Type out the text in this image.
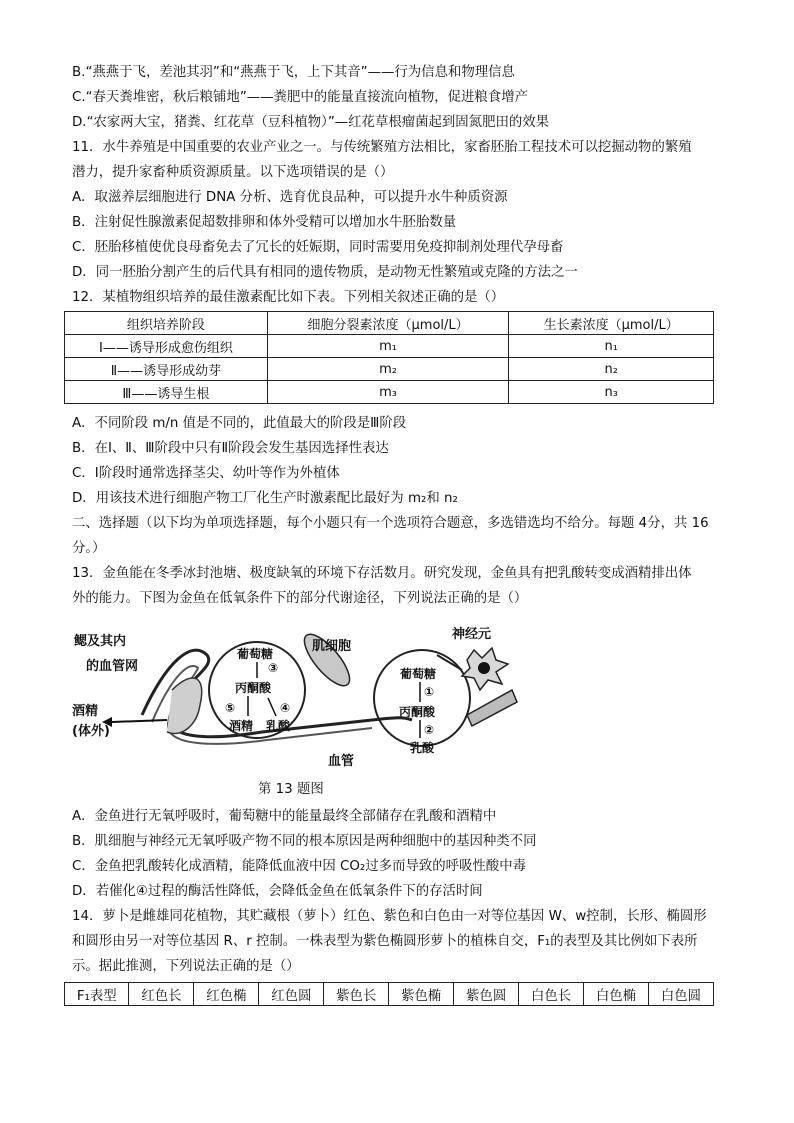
B.“燕燕于飞，差池其羽”和“燕燕于飞，上下其音”——行为信息和物理信息
C.“春天粪堆密，秋后粮铺地”——粪肥中的能量直接流向植物，促进粮食增产
D.“农家两大宝，猪粪、红花草（豆科植物）”—红花草根瘤菌起到固氮肥田的效果
11．水牛养殖是中国重要的农业产业之一。与传统繁殖方法相比，家畜胚胎工程技术可以挖掘动物的繁殖
潜力，提升家畜种质资源质量。以下选项错误的是（）
A．取滋养层细胞进行 DNA 分析、选育优良品种，可以提升水牛种质资源
B．注射促性腺激素促超数排卵和体外受精可以增加水牛胚胎数量
C．胚胎移植使优良母畜免去了冗长的妊娠期，同时需要用免疫抑制剂处理代孕母畜
D．同一胚胎分割产生的后代具有相同的遗传物质，是动物无性繁殖或克隆的方法之一
12．某植物组织培养的最佳激素配比如下表。下列相关叙述正确的是（）
组织培养阶段	细胞分裂素浓度（μmol/L）	生长素浓度（μmol/L）
Ⅰ——诱导形成愈伤组织	m₁	n₁
Ⅱ——诱导形成幼芽	m₂	n₂
Ⅲ——诱导生根	m₃	n₃
A．不同阶段 m/n 值是不同的，此值最大的阶段是Ⅲ阶段
B．在Ⅰ、Ⅱ、Ⅲ阶段中只有Ⅱ阶段会发生基因选择性表达
C．Ⅰ阶段时通常选择茎尖、幼叶等作为外植体
D．用该技术进行细胞产物工厂化生产时激素配比最好为 m₂和 n₂
二、选择题（以下均为单项选择题，每个小题只有一个选项符合题意，多选错选均不给分。每题 4分，共 16
分。）
13．金鱼能在冬季冰封池塘、极度缺氧的环境下存活数月。研究发现，金鱼具有把乳酸转变成酒精排出体
外的能力。下图为金鱼在低氧条件下的部分代谢途径，下列说法正确的是（）
鳃及其内
的血管网
酒精
(体外)
肌细胞
神经元
血管
葡萄糖
③
丙酮酸
⑤	④
酒精 乳酸
葡萄糖
①
丙酮酸
②
乳酸
第 13 题图
A．金鱼进行无氧呼吸时，葡萄糖中的能量最终全部储存在乳酸和酒精中
B．肌细胞与神经元无氧呼吸产物不同的根本原因是两种细胞中的基因种类不同
C．金鱼把乳酸转化成酒精，能降低血液中因 CO₂过多而导致的呼吸性酸中毒
D．若催化④过程的酶活性降低，会降低金鱼在低氧条件下的存活时间
14．萝卜是雌雄同花植物，其贮藏根（萝卜）红色、紫色和白色由一对等位基因 W、w控制，长形、椭圆形
和圆形由另一对等位基因 R、r 控制。一株表型为紫色椭圆形萝卜的植株自交，F₁的表型及其比例如下表所
示。据此推测，下列说法正确的是（）
F₁表型	红色长	红色椭	红色圆	紫色长	紫色椭	紫色圆	白色长	白色椭	白色圆
